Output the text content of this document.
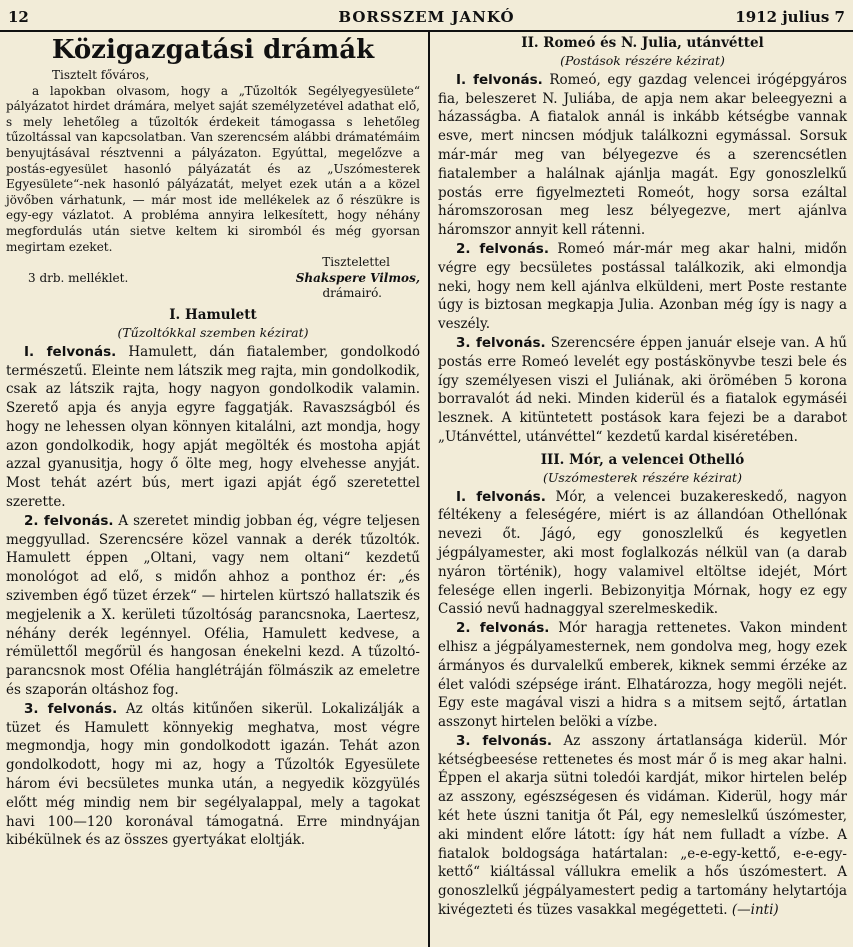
12	BORSSZEM JANKÓ	1912 julius 7
Közigazgatási drámák

Tisztelt főváros,

a lapokban olvasom, hogy a „Tűzoltók Segélyegyesülete“ pályázatot hirdet drámára, melyet saját személyzetével adathat elő, s mely lehetőleg a tűzoltók érdekeit támogassa s lehetőleg tűzoltással van kapcsolatban. Van szerencsém alábbi drámatémáim benyujtásával résztvenni a pályázaton. Egyúttal, megelőzve a postás-egyesület hasonló pályázatát és az „Uszómesterek Egyesülete“-nek hasonló pályázatát, melyet ezek után a a közel jövőben várhatunk, — már most ide mellékelek az ő részükre is egy-egy vázlatot. A probléma annyira lelkesített, hogy néhány megfordulás után sietve keltem ki siromból és még gyorsan megirtam ezeket.

Tisztelettel

3 drb. melléklet.	Shakspere Vilmos,

drámairó.

I. Hamulett
(Tűzoltókkal szemben kézirat)

I. felvonás. Hamulett, dán fiatalember, gondolkodó természetű. Eleinte nem látszik meg rajta, min gondolkodik, csak az látszik rajta, hogy nagyon gondolkodik valamin. Szerető apja és anyja egyre faggatják. Ravaszságból és hogy ne lehessen olyan könnyen kitalálni, azt mondja, hogy azon gondolkodik, hogy apját megölték és mostoha apját azzal gyanusitja, hogy ő ölte meg, hogy elvehesse anyját. Most tehát azért bús, mert igazi apját égő szeretettel szerette.

2. felvonás. A szeretet mindig jobban ég, végre teljesen meggyullad. Szerencsére közel vannak a derék tűzoltók. Hamulett éppen „Oltani, vagy nem oltani“ kezdetű monológot ad elő, s midőn ahhoz a ponthoz ér: „és szivemben égő tüzet érzek“ — hirtelen kürtszó hallatszik és megjelenik a X. kerületi tűzoltóság parancsnoka, Laertesz, néhány derék legénnyel. Ofélia, Hamulett kedvese, a rémülettől megőrül és hangosan énekelni kezd. A tűzoltó-parancsnok most Ofélia hanglétráján fölmászik az emeletre és szaporán oltáshoz fog.

3. felvonás. Az oltás kitűnően sikerül. Lokalizálják a tüzet és Hamulett könnyekig meghatva, most végre megmondja, hogy min gondolkodott igazán. Tehát azon gondolkodott, hogy mi az, hogy a Tűzoltók Egyesülete három évi becsületes munka után, a negyedik közgyülés előtt még mindig nem bir segélyalappal, mely a tagokat havi 100—120 koronával támogatná. Erre mindnyájan kibékülnek és az összes gyertyákat eloltják.

II. Romeó és N. Julia, utánvéttel
(Postások részére kézirat)

I. felvonás. Romeó, egy gazdag velencei irógépgyáros fia, beleszeret N. Juliába, de apja nem akar beleegyezni a házasságba. A fiatalok annál is inkább kétségbe vannak esve, mert nincsen módjuk találkozni egymással. Sorsuk már-már meg van bélyegezve és a szerencsétlen fiatalember a halálnak ajánlja magát. Egy gonoszlelkű postás erre figyelmezteti Romeót, hogy sorsa ezáltal háromszorosan meg lesz bélyegezve, mert ajánlva háromszor annyit kell rátenni.

2. felvonás. Romeó már-már meg akar halni, midőn végre egy becsületes postással találkozik, aki elmondja neki, hogy nem kell ajánlva elküldeni, mert Poste restante úgy is biztosan megkapja Julia. Azonban még így is nagy a veszély.

3. felvonás. Szerencsére éppen január elseje van. A hű postás erre Romeó levelét egy postáskönyvbe teszi bele és így személyesen viszi el Juliának, aki örömében 5 korona borravalót ád neki. Minden kiderül és a fiatalok egymáséi lesznek. A kitüntetett postások kara fejezi be a darabot „Utánvéttel, utánvéttel“ kezdetű kardal kiséretében.

III. Mór, a velencei Othelló
(Uszómesterek részére kézirat)

I. felvonás. Mór, a velencei buzakereskedő, nagyon féltékeny a feleségére, miért is az állandóan Othellónak nevezi őt. Jágó, egy gonoszlelkű és kegyetlen jégpályamester, aki most foglalkozás nélkül van (a darab nyáron történik), hogy valamivel eltöltse idejét, Mórt felesége ellen ingerli. Bebizonyitja Mórnak, hogy ez egy Cassió nevű hadnaggyal szerelmeskedik.

2. felvonás. Mór haragja rettenetes. Vakon mindent elhisz a jégpályamesternek, nem gondolva meg, hogy ezek ármányos és durvalelkű emberek, kiknek semmi érzéke az élet valódi szépsége iránt. Elhatározza, hogy megöli nejét. Egy este magával viszi a hidra s a mitsem sejtő, ártatlan asszonyt hirtelen belöki a vízbe.

3. felvonás. Az asszony ártatlansága kiderül. Mór kétségbeesése rettenetes és most már ő is meg akar halni. Éppen el akarja sütni toledói kardját, mikor hirtelen belép az asszony, egészségesen és vidáman. Kiderül, hogy már két hete úszni tanitja őt Pál, egy nemeslelkű úszómester, aki mindent előre látott: így hát nem fulladt a vízbe. A fiatalok boldogsága határtalan: „e-e-egy-kettő, e-e-egy-kettő“ kiáltással vállukra emelik a hős úszómestert. A gonoszlelkű jégpályamestert pedig a tartomány helytartója kivégezteti és tüzes vasakkal megégetteti. (—inti)
